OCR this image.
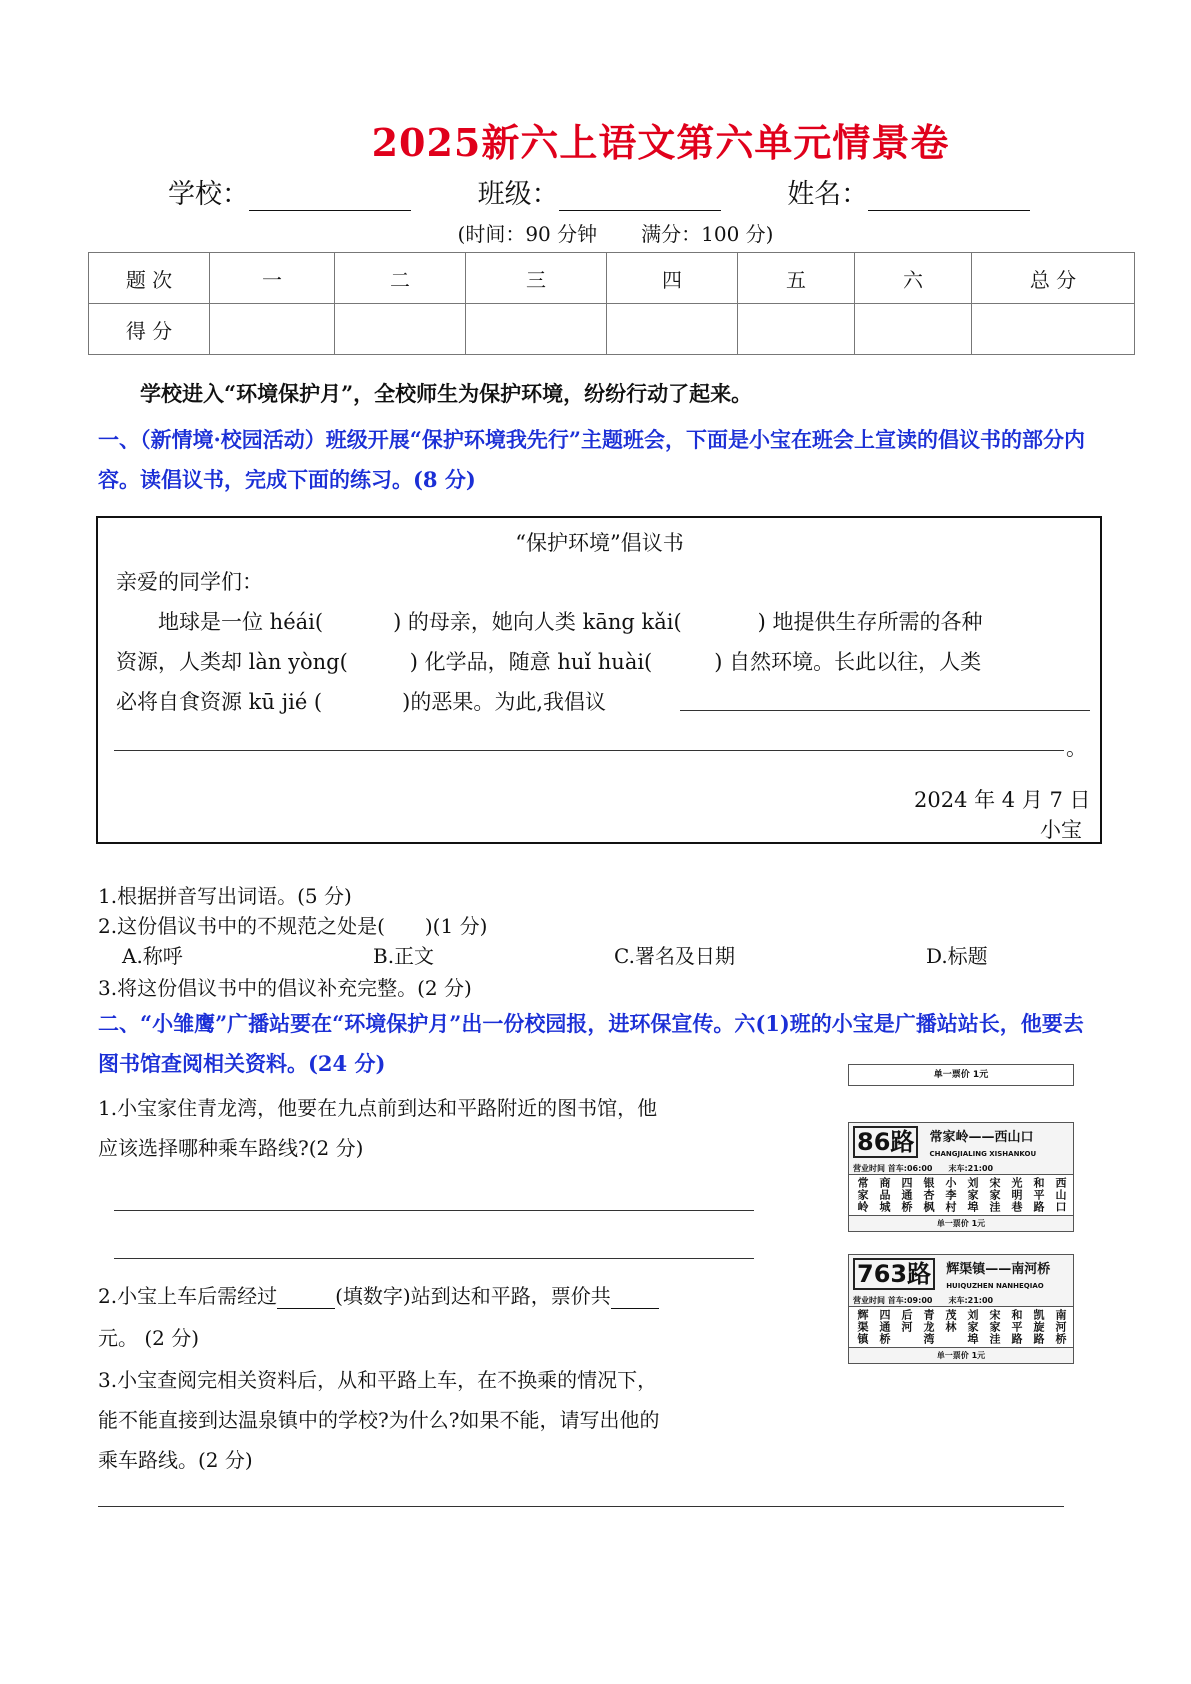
2025新六上语文第六单元情景卷
学校：	班级：	姓名：
(时间：90 分钟 满分：100 分)
题 次	一	二	三	四	五	六	总 分
得 分							
学校进入“环境保护月”，全校师生为保护环境，纷纷行动了起来。
一、（新情境·校园活动）班级开展“保护环境我先行”主题班会，下面是小宝在班会上宣读的倡议书的部分内容。读倡议书，完成下面的练习。(8 分)
“保护环境”倡议书
亲爱的同学们：
地球是一位 héái(	) 的母亲，她向人类 kāng kǎi(	) 地提供生存所需的各种
资源，人类却 làn yòng(	) 化学品，随意 huǐ huài(	) 自然环境。长此以往，人类
必将自食资源 kū jié (	)的恶果。为此,我倡议
。
2024 年 4 月 7 日
小宝
1.根据拼音写出词语。(5 分)
2.这份倡议书中的不规范之处是(　　)(1 分)
A.称呼	B.正文	C.署名及日期	D.标题
3.将这份倡议书中的倡议补充完整。(2 分)
二、“小雏鹰”广播站要在“环境保护月”出一份校园报，进环保宣传。六(1)班的小宝是广播站站长，他要去图书馆查阅相关资料。(24 分)
1.小宝家住青龙湾，他要在九点前到达和平路附近的图书馆，他
应该选择哪种乘车路线?(2 分)
2.小宝上车后需经过	(填数字)站到达和平路，票价共
元。 (2 分)
3.小宝查阅完相关资料后，从和平路上车，在不换乘的情况下，
能不能直接到达温泉镇中的学校?为什么?如果不能，请写出他的
乘车路线。(2 分)
单一票价 1元
86路 常家岭——西山口
CHANGJIALING XISHANKOU
营业时间 首车:06:00　　末车:21:00
常家岭 商品城 四通桥 银杏枫 小李村 刘家埠 宋家洼 光明巷 和平路 西山口
单一票价 1元
763路 辉渠镇——南河桥
HUIQUZHEN NANHEQIAO
营业时间 首车:09:00　　末车:21:00
辉渠镇 四通桥 后河 青龙湾 茂林 刘家埠 宋家洼 和平路 凯旋路 南河桥
单一票价 1元
